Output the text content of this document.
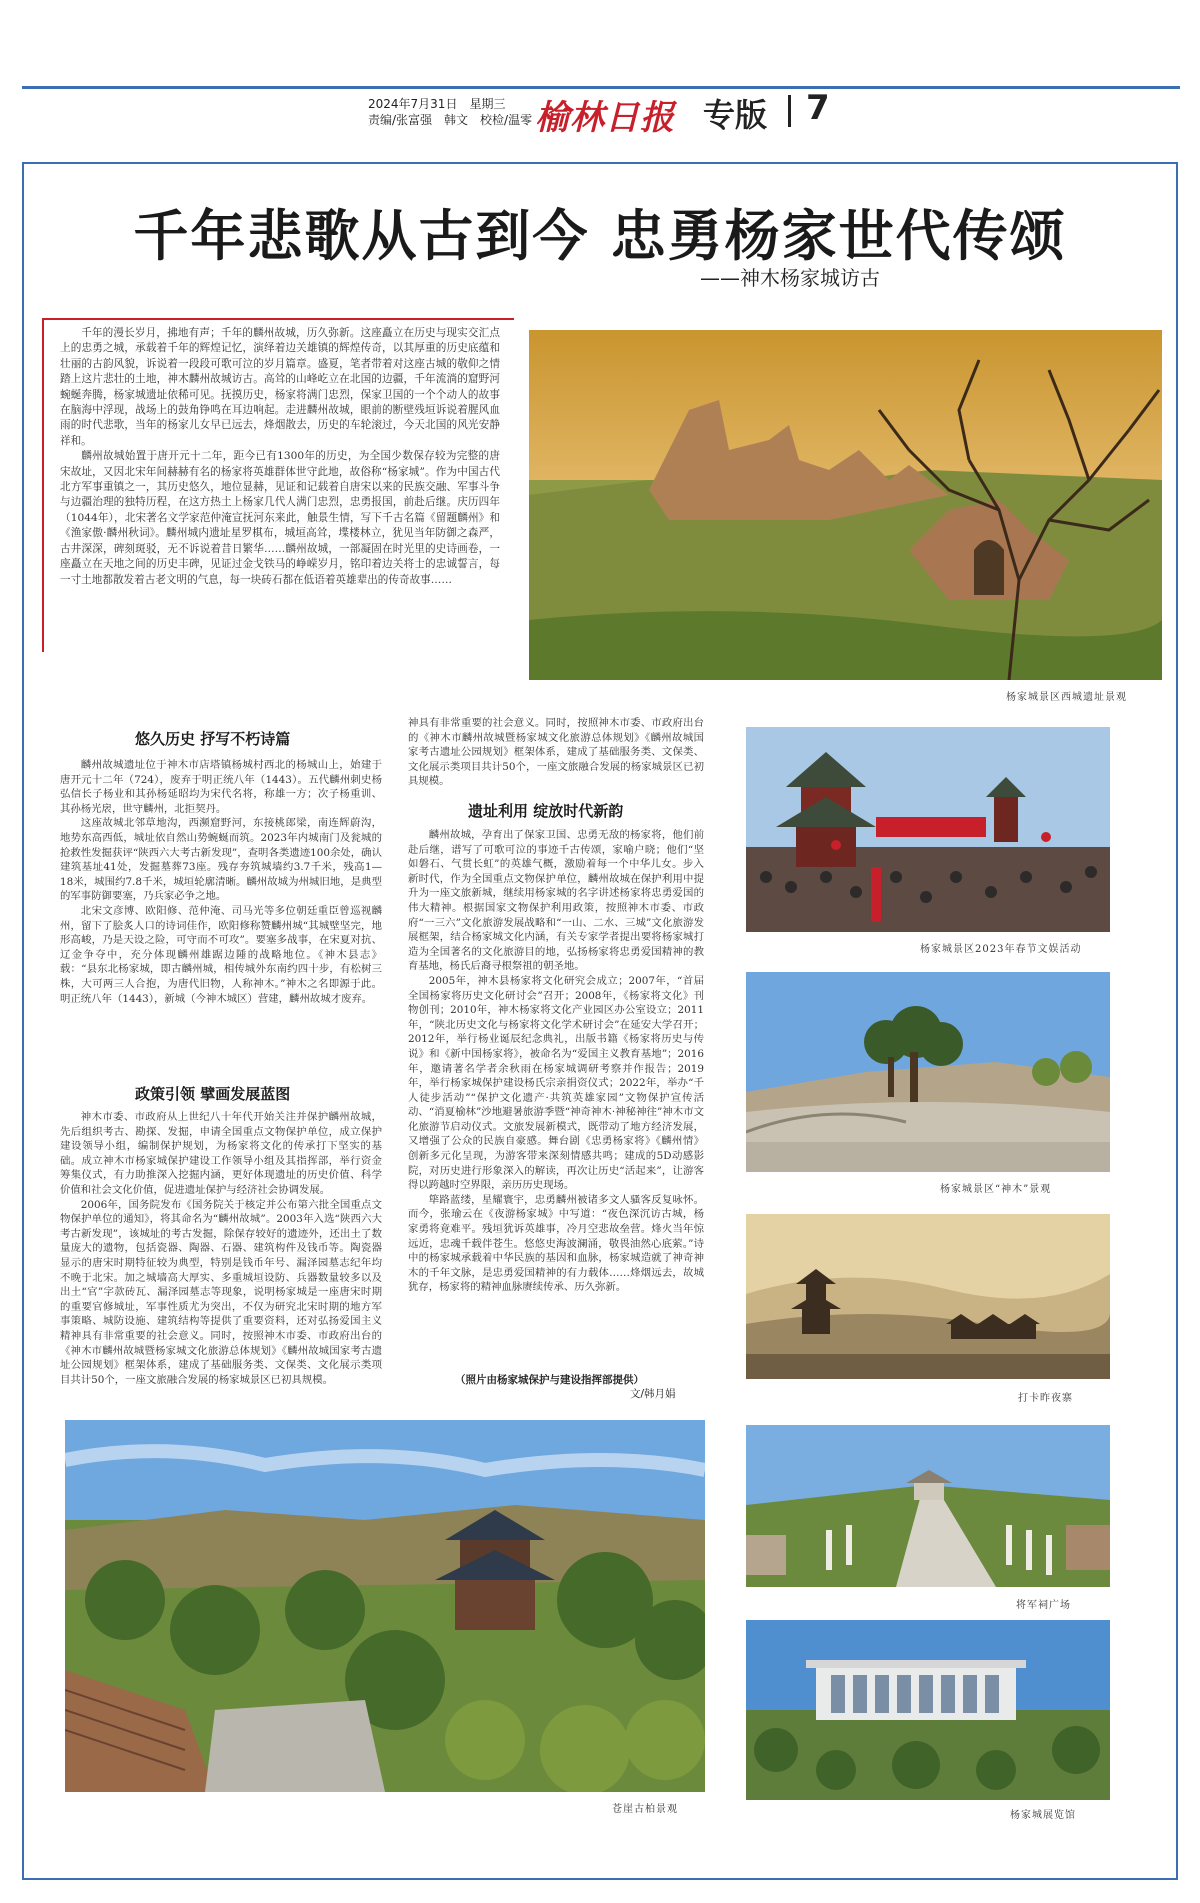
2024年7月31日　星期三
责编/张富强　韩文　校检/温零 榆林日报 专版 7
千年悲歌从古到今 忠勇杨家世代传颂
——神木杨家城访古

千年的漫长岁月，拂地有声；千年的麟州故城，历久弥新。这座矗立在历史与现实交汇点上的忠勇之城，承载着千年的辉煌记忆，演绎着边关雄镇的辉煌传奇，以其厚重的历史底蕴和壮丽的古韵风貌，诉说着一段段可歌可泣的岁月篇章。盛夏，笔者带着对这座古城的敬仰之情踏上这片悲壮的土地，神木麟州故城访古。高耸的山峰屹立在北国的边疆，千年流淌的窟野河蜿蜒奔腾，杨家城遗址依稀可见。抚摸历史，杨家将满门忠烈，保家卫国的一个个动人的故事在脑海中浮现，战场上的鼓角铮鸣在耳边响起。走进麟州故城，眼前的断壁残垣诉说着腥风血雨的时代悲歌，当年的杨家儿女早已远去，烽烟散去，历史的车轮滚过，今天北国的风光安静祥和。

麟州故城始置于唐开元十二年，距今已有1300年的历史，为全国少数保存较为完整的唐宋故址，又因北宋年间赫赫有名的杨家将英雄群体世守此地，故俗称“杨家城”。作为中国古代北方军事重镇之一，其历史悠久，地位显赫，见证和记载着自唐宋以来的民族交融、军事斗争与边疆治理的独特历程，在这方热土上杨家几代人满门忠烈，忠勇报国，前赴后继。庆历四年（1044年），北宋著名文学家范仲淹宣抚河东来此，触景生情，写下千古名篇《留题麟州》和《渔家傲·麟州秋词》。麟州城内遗址星罗棋布，城垣高耸，堞楼林立，犹见当年防御之森严，古井深深，碑刻斑驳，无不诉说着昔日繁华……麟州故城，一部凝固在时光里的史诗画卷，一座矗立在天地之间的历史丰碑，见证过金戈铁马的峥嵘岁月，铭印着边关将士的忠诚誓言，每一寸土地都散发着古老文明的气息，每一块砖石都在低语着英雄辈出的传奇故事……

杨家城景区西城遗址景观
悠久历史 抒写不朽诗篇

麟州故城遗址位于神木市店塔镇杨城村西北的杨城山上，始建于唐开元十二年（724），废弃于明正统八年（1443）。五代麟州刺史杨弘信长子杨业和其孙杨延昭均为宋代名将，称雄一方；次子杨重训、其孙杨光扆，世守麟州，北拒契丹。

这座故城北邻草地沟，西濒窟野河，东接桃郎梁，南连辉蔚沟，地势东高西低，城址依自然山势蜿蜒而筑。2023年内城南门及瓮城的抢救性发掘获评“陕西六大考古新发现”，查明各类遗迹100余处，确认建筑基址41处，发掘墓葬73座。残存夯筑城墙约3.7千米，残高1—18米，城围约7.8千米，城垣轮廓清晰。麟州故城为州城旧地，是典型的军事防御要塞，乃兵家必争之地。

北宋文彦博、欧阳修、范仲淹、司马光等多位朝廷重臣曾巡视麟州，留下了脍炙人口的诗词佳作，欧阳修称赞麟州城“其城壁坚完，地形高峻，乃是天设之险，可守而不可攻”。要塞多战事，在宋夏对抗、辽金争夺中，充分体现麟州雄踞边陲的战略地位。《神木县志》载：“县东北杨家城，即古麟州城，相传城外东南约四十步，有松树三株，大可两三人合抱，为唐代旧物，人称神木。”神木之名即源于此。明正统八年（1443），新城（今神木城区）营建，麟州故城才废弃。

政策引领 擘画发展蓝图

神木市委、市政府从上世纪八十年代开始关注并保护麟州故城，先后组织考古、勘探、发掘，申请全国重点文物保护单位，成立保护建设领导小组，编制保护规划，为杨家将文化的传承打下坚实的基础。成立神木市杨家城保护建设工作领导小组及其指挥部，举行资金筹集仪式，有力助推深入挖掘内涵，更好体现遗址的历史价值、科学价值和社会文化价值，促进遗址保护与经济社会协调发展。

2006年，国务院发布《国务院关于核定并公布第六批全国重点文物保护单位的通知》，将其命名为“麟州故城”。2003年入选“陕西六大考古新发现”，该城址的考古发掘，除保存较好的遗迹外，还出土了数量庞大的遗物，包括瓷器、陶器、石器、建筑构件及钱币等。陶瓷器显示的唐宋时期特征较为典型，特别是钱币年号、漏泽园墓志纪年均不晚于北宋。加之城墙高大厚实、多重城垣设防、兵器数量较多以及出土“官”字款砖瓦、漏泽园墓志等现象，说明杨家城是一座唐宋时期的重要官修城址，军事性质尤为突出，不仅为研究北宋时期的地方军事策略、城防设施、建筑结构等提供了重要资料，还对弘扬爱国主义精神具有非常重要的社会意义。同时，按照神木市委、市政府出台的《神木市麟州故城暨杨家城文化旅游总体规划》《麟州故城国家考古遗址公园规划》框架体系，建成了基础服务类、文保类、文化展示类项目共计50个，一座文旅融合发展的杨家城景区已初具规模。

神具有非常重要的社会意义。同时，按照神木市委、市政府出台的《神木市麟州故城暨杨家城文化旅游总体规划》《麟州故城国家考古遗址公园规划》框架体系，建成了基础服务类、文保类、文化展示类项目共计50个，一座文旅融合发展的杨家城景区已初具规模。

遗址利用 绽放时代新韵

麟州故城，孕育出了保家卫国、忠勇无敌的杨家将，他们前赴后继，谱写了可歌可泣的事迹千古传颂，家喻户晓；他们“坚如磐石、气贯长虹”的英雄气概，激励着每一个中华儿女。步入新时代，作为全国重点文物保护单位，麟州故城在保护利用中提升为一座文旅新城，继续用杨家城的名字讲述杨家将忠勇爱国的伟大精神。根据国家文物保护利用政策，按照神木市委、市政府“一三六”文化旅游发展战略和“一山、二水、三城”文化旅游发展框架，结合杨家城文化内涵，有关专家学者提出要将杨家城打造为全国著名的文化旅游目的地，弘扬杨家将忠勇爱国精神的教育基地，杨氏后裔寻根祭祖的朝圣地。

2005年，神木县杨家将文化研究会成立；2007年，“首届全国杨家将历史文化研讨会”召开；2008年，《杨家将文化》刊物创刊；2010年，神木杨家将文化产业园区办公室设立；2011年，“陕北历史文化与杨家将文化学术研讨会”在延安大学召开；2012年，举行杨业诞辰纪念典礼，出版书籍《杨家将历史与传说》和《新中国杨家将》，被命名为“爱国主义教育基地”；2016年，邀请著名学者余秋雨在杨家城调研考察并作报告；2019年，举行杨家城保护建设杨氏宗亲捐资仪式；2022年，举办“千人徒步活动”“保护文化遗产·共筑英雄家园”文物保护宣传活动、“消夏榆林”沙地避暑旅游季暨“神奇神木·神秘神往”神木市文化旅游节启动仪式。文旅发展新模式，既带动了地方经济发展，又增强了公众的民族自豪感。舞台剧《忠勇杨家将》《麟州情》创新多元化呈现，为游客带来深刻情感共鸣；建成的5D动感影院，对历史进行形象深入的解读，再次让历史“活起来”，让游客得以跨越时空界限，亲历历史现场。

筚路蓝缕，星耀寰宇，忠勇麟州被诸多文人骚客反复咏怀。而今，张瑜云在《夜游杨家城》中写道：“夜色深沉访古城，杨家勇将竟难平。残垣犹诉英雄事，冷月空悲故垒营。烽火当年惊远近，忠魂千载伴苍生。悠悠史海波澜涌，敬畏油然心底萦。”诗中的杨家城承载着中华民族的基因和血脉，杨家城造就了神奇神木的千年文脉，是忠勇爱国精神的有力载体……烽烟远去，故城犹存，杨家将的精神血脉赓续传承、历久弥新。

（照片由杨家城保护与建设指挥部提供）
文/韩月娟
杨家城景区2023年春节文娱活动
杨家城景区“神木”景观
打卡昨夜寨
将军祠广场
杨家城展览馆
苍崖古柏景观
